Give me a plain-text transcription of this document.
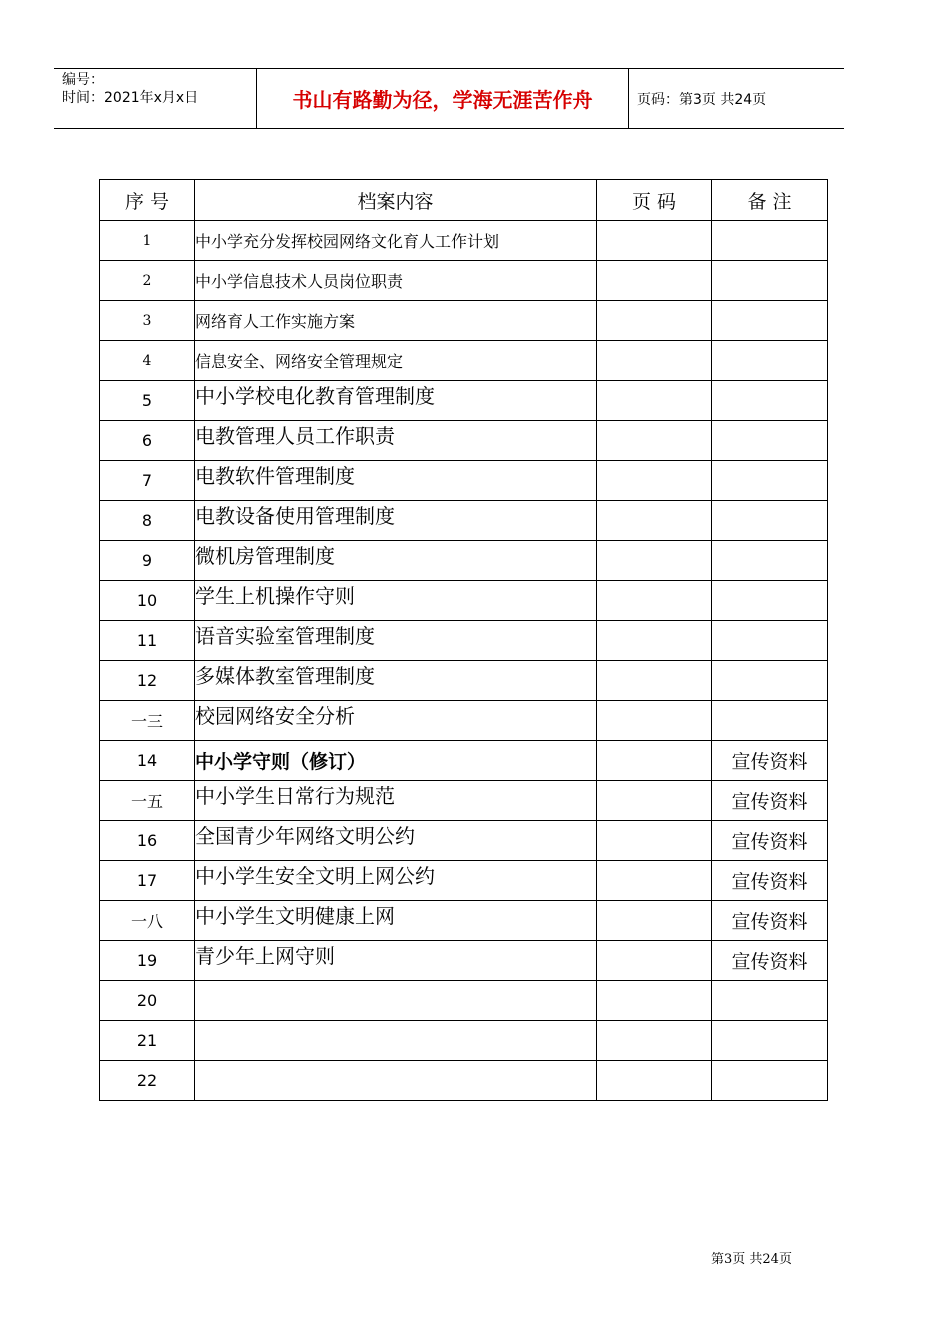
编号：
时间：2021年x月x日	书山有路勤为径，学海无涯苦作舟	页码：第3页 共24页
序 号	档案内容	页 码	备 注
1	中小学充分发挥校园网络文化育人工作计划		
2	中小学信息技术人员岗位职责		
3	网络育人工作实施方案		
4	信息安全、网络安全管理规定		
5	中小学校电化教育管理制度		
6	电教管理人员工作职责		
7	电教软件管理制度		
8	电教设备使用管理制度		
9	微机房管理制度		
10	学生上机操作守则		
11	语音实验室管理制度		
12	多媒体教室管理制度		
一三	校园网络安全分析		
14	中小学守则（修订）		宣传资料
一五	中小学生日常行为规范		宣传资料
16	全国青少年网络文明公约		宣传资料
17	中小学生安全文明上网公约		宣传资料
一八	中小学生文明健康上网		宣传资料
19	青少年上网守则		宣传资料
20			
21			
22			
第3页 共24页
